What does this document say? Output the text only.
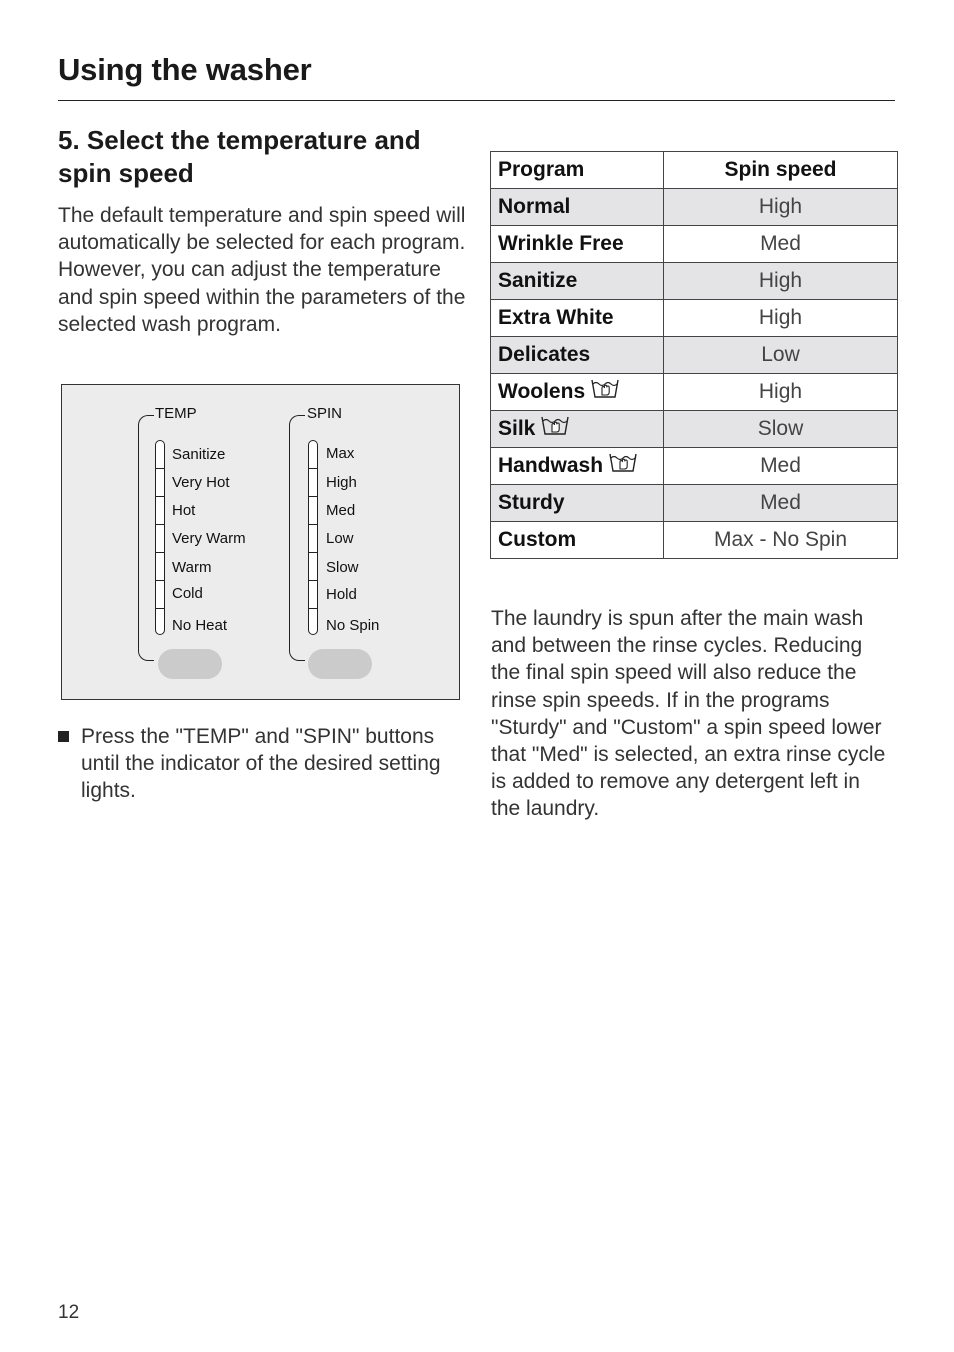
Using the washer
5. Select the temperature and spin speed

The default temperature and spin speed will automatically be selected for each program. However, you can adjust the temperature and spin speed within the parameters of the selected wash program.

TEMP
Sanitize
Very Hot
Hot
Very Warm
Warm
Cold
No Heat
SPIN
Max
High
Med
Low
Slow
Hold
No Spin

Press the "TEMP" and "SPIN" buttons until the indicator of the desired setting lights.

Program	Spin speed
Normal	High
Wrinkle Free	Med
Sanitize	High
Extra White	High
Delicates	Low
Woolens	High
Silk	Slow
Handwash	Med
Sturdy	Med
Custom	Max - No Spin

The laundry is spun after the main wash and between the rinse cycles. Reducing the final spin speed will also reduce the rinse spin speeds. If in the programs "Sturdy" and "Custom" a spin speed lower that "Med" is selected, an extra rinse cycle is added to remove any detergent left in the laundry.

12
